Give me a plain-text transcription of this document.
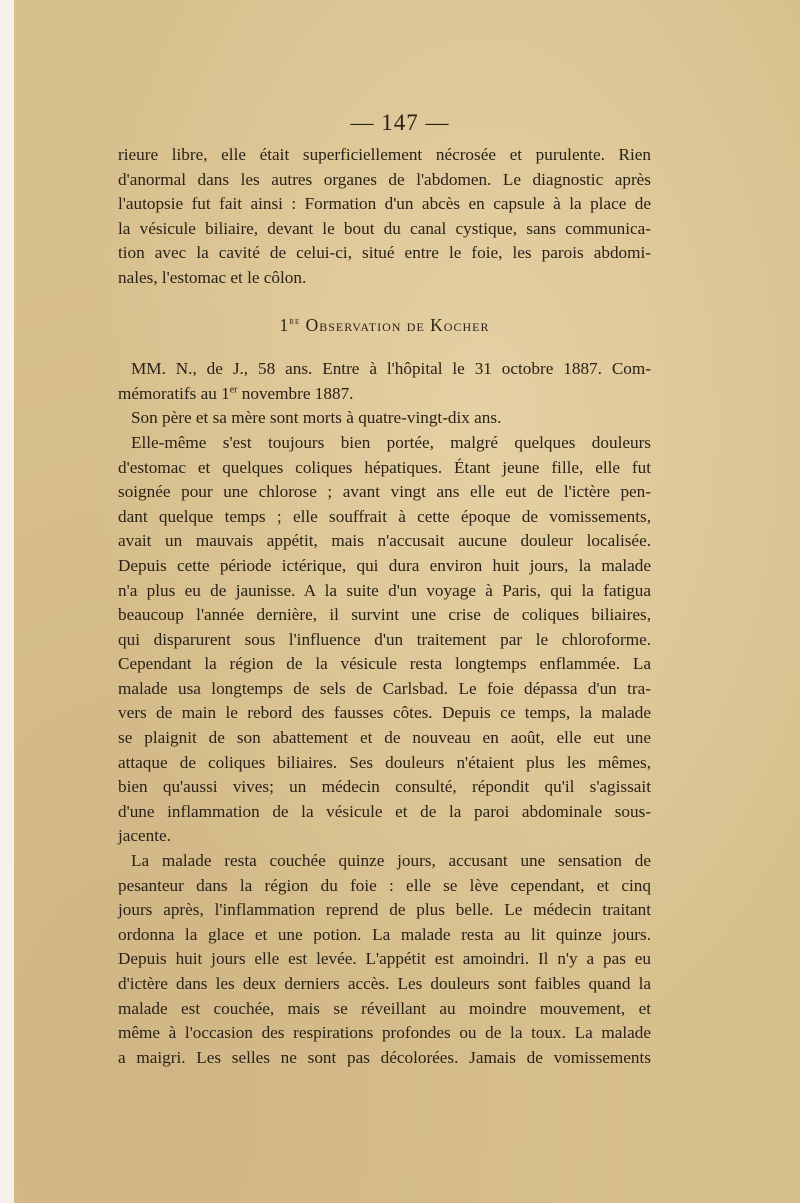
— 147 —
rieure libre, elle était superficiellement nécrosée et purulente. Rien
d'anormal dans les autres organes de l'abdomen. Le diagnostic après
l'autopsie fut fait ainsi : Formation d'un abcès en capsule à la place de
la vésicule biliaire, devant le bout du canal cystique, sans communica-
tion avec la cavité de celui-ci, situé entre le foie, les parois abdomi-
nales, l'estomac et le côlon.
1re Observation de Kocher
MM. N., de J., 58 ans. Entre à l'hôpital le 31 octobre 1887. Com-
mémoratifs au 1er novembre 1887.
Son père et sa mère sont morts à quatre-vingt-dix ans.
Elle-même s'est toujours bien portée, malgré quelques douleurs
d'estomac et quelques coliques hépatiques. Étant jeune fille, elle fut
soignée pour une chlorose ; avant vingt ans elle eut de l'ictère pen-
dant quelque temps ; elle souffrait à cette époque de vomissements,
avait un mauvais appétit, mais n'accusait aucune douleur localisée.
Depuis cette période ictérique, qui dura environ huit jours, la malade
n'a plus eu de jaunisse. A la suite d'un voyage à Paris, qui la fatigua
beaucoup l'année dernière, il survint une crise de coliques biliaires,
qui disparurent sous l'influence d'un traitement par le chloroforme.
Cependant la région de la vésicule resta longtemps enflammée. La
malade usa longtemps de sels de Carlsbad. Le foie dépassa d'un tra-
vers de main le rebord des fausses côtes. Depuis ce temps, la malade
se plaignit de son abattement et de nouveau en août, elle eut une
attaque de coliques biliaires. Ses douleurs n'étaient plus les mêmes,
bien qu'aussi vives; un médecin consulté, répondit qu'il s'agissait
d'une inflammation de la vésicule et de la paroi abdominale sous-
jacente.
La malade resta couchée quinze jours, accusant une sensation de
pesanteur dans la région du foie : elle se lève cependant, et cinq
jours après, l'inflammation reprend de plus belle. Le médecin traitant
ordonna la glace et une potion. La malade resta au lit quinze jours.
Depuis huit jours elle est levée. L'appétit est amoindri. Il n'y a pas eu
d'ictère dans les deux derniers accès. Les douleurs sont faibles quand la
malade est couchée, mais se réveillant au moindre mouvement, et
même à l'occasion des respirations profondes ou de la toux. La malade
a maigri. Les selles ne sont pas décolorées. Jamais de vomissements
